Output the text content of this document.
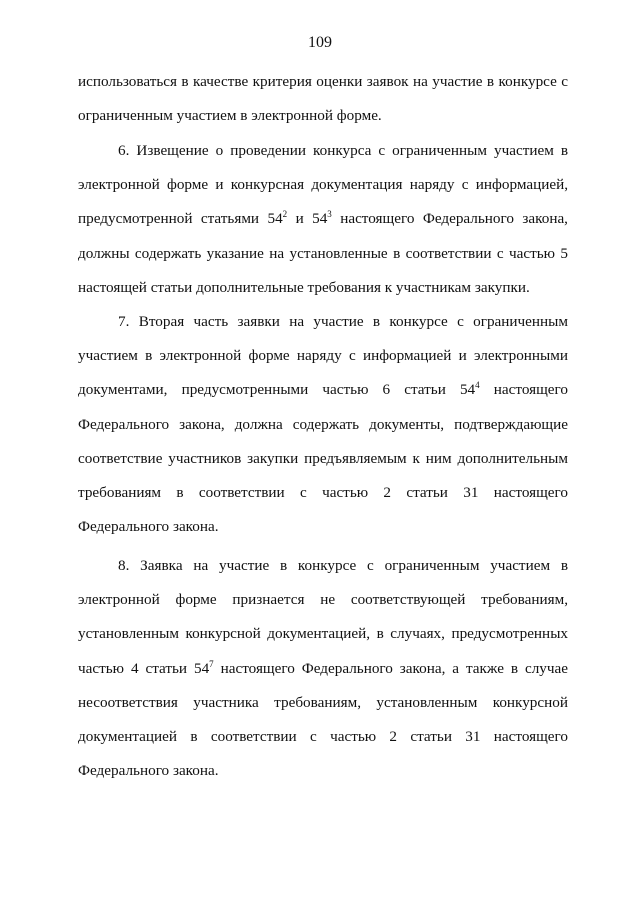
109

использоваться в качестве критерия оценки заявок на участие в конкурсе с ограниченным участием в электронной форме.

6. Извещение о проведении конкурса с ограниченным участием в электронной форме и конкурсная документация наряду с информацией, предусмотренной статьями $54^2$ и $54^3$ настоящего Федерального закона, должны содержать указание на установленные в соответствии с частью 5 настоящей статьи дополнительные требования к участникам закупки.

7. Вторая часть заявки на участие в конкурсе с ограниченным участием в электронной форме наряду с информацией и электронными документами, предусмотренными частью 6 статьи $54^4$ настоящего Федерального закона, должна содержать документы, подтверждающие соответствие участников закупки предъявляемым к ним дополнительным требованиям в соответствии с частью 2 статьи 31 настоящего Федерального закона.

8. Заявка на участие в конкурсе с ограниченным участием в электронной форме признается не соответствующей требованиям, установленным конкурсной документацией, в случаях, предусмотренных частью 4 статьи $54^7$ настоящего Федерального закона, а также в случае несоответствия участника требованиям, установленным конкурсной документацией в соответствии с частью 2 статьи 31 настоящего Федерального закона.
